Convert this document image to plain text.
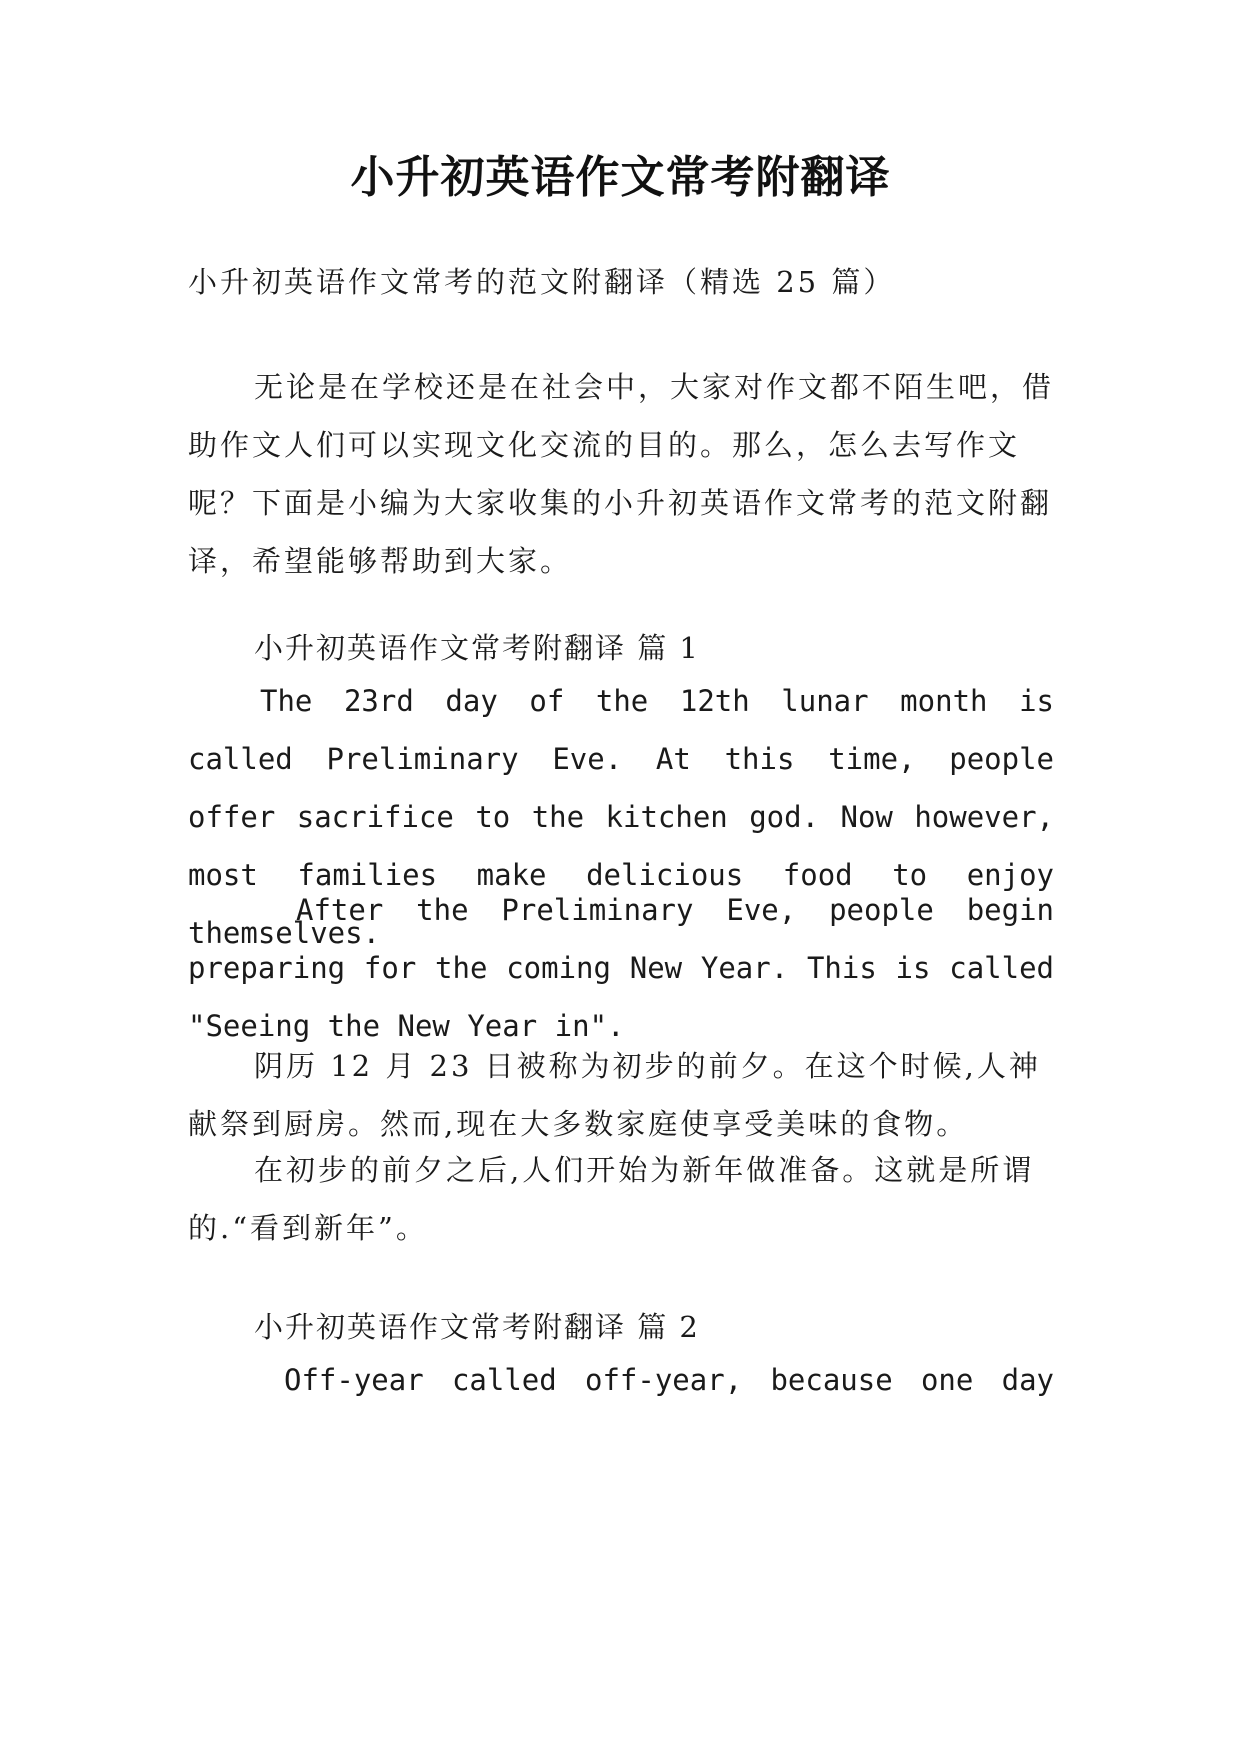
小升初英语作文常考附翻译
小升初英语作文常考的范文附翻译（精选 25 篇）
无论是在学校还是在社会中，大家对作文都不陌生吧，借助作文人们可以实现文化交流的目的。那么，怎么去写作文呢？下面是小编为大家收集的小升初英语作文常考的范文附翻译，希望能够帮助到大家。
小升初英语作文常考附翻译 篇 1
The 23rd day of the 12th lunar month is called Preliminary Eve. At this time, people offer sacrifice to the kitchen god. Now however, most families make delicious food to enjoy themselves.
After the Preliminary Eve, people begin preparing for the coming New Year. This is called "Seeing the New Year in".
阴历 12 月 23 日被称为初步的前夕。在这个时候,人神献祭到厨房。然而,现在大多数家庭使享受美味的食物。
在初步的前夕之后,人们开始为新年做准备。这就是所谓的.“看到新年”。
小升初英语作文常考附翻译 篇 2
Off-year called off-year, because one day
